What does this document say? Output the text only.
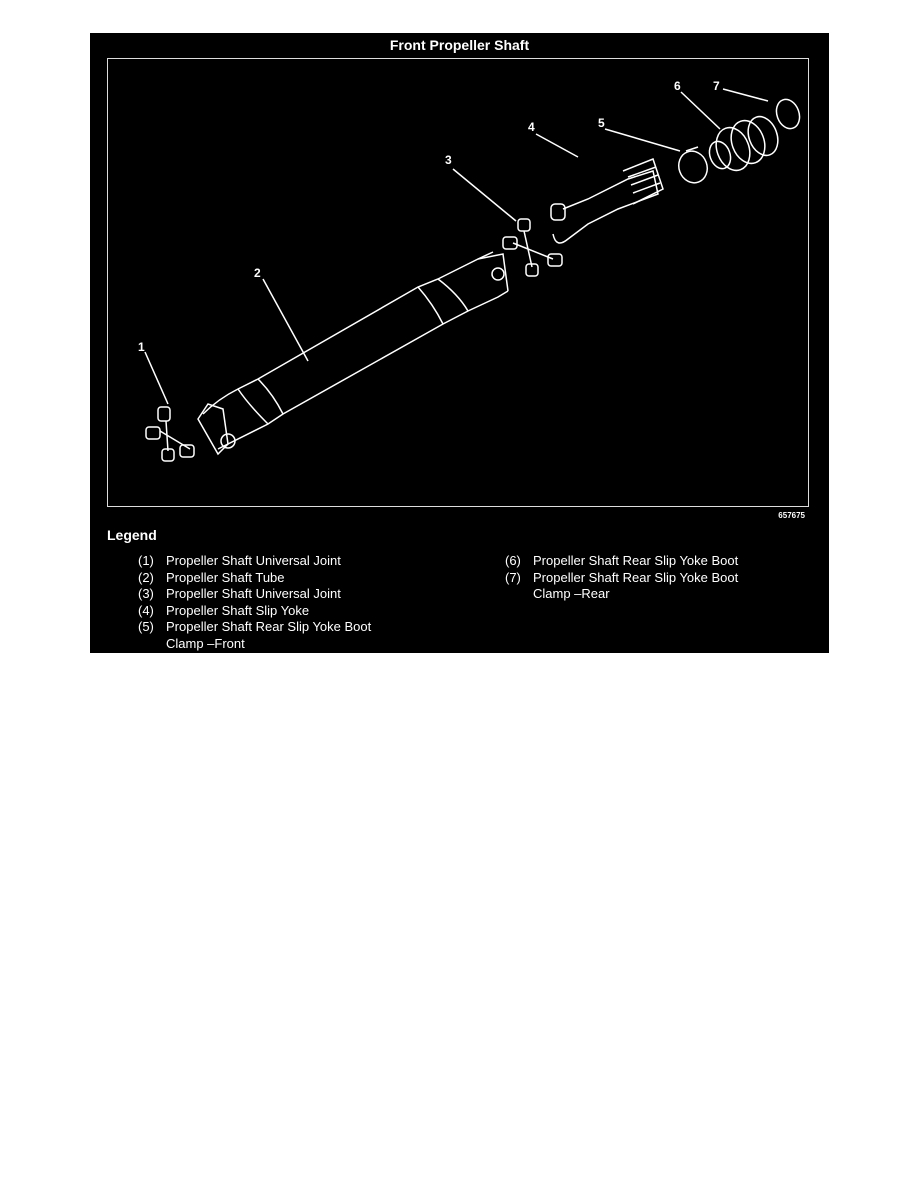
Front Propeller Shaft
1
2
3
4	5
6	7
657675
Legend
(1) Propeller Shaft Universal Joint
(2) Propeller Shaft Tube
(3) Propeller Shaft Universal Joint
(4) Propeller Shaft Slip Yoke
(5) Propeller Shaft Rear Slip Yoke Boot Clamp –Front
(6) Propeller Shaft Rear Slip Yoke Boot
(7) Propeller Shaft Rear Slip Yoke Boot Clamp –Rear
